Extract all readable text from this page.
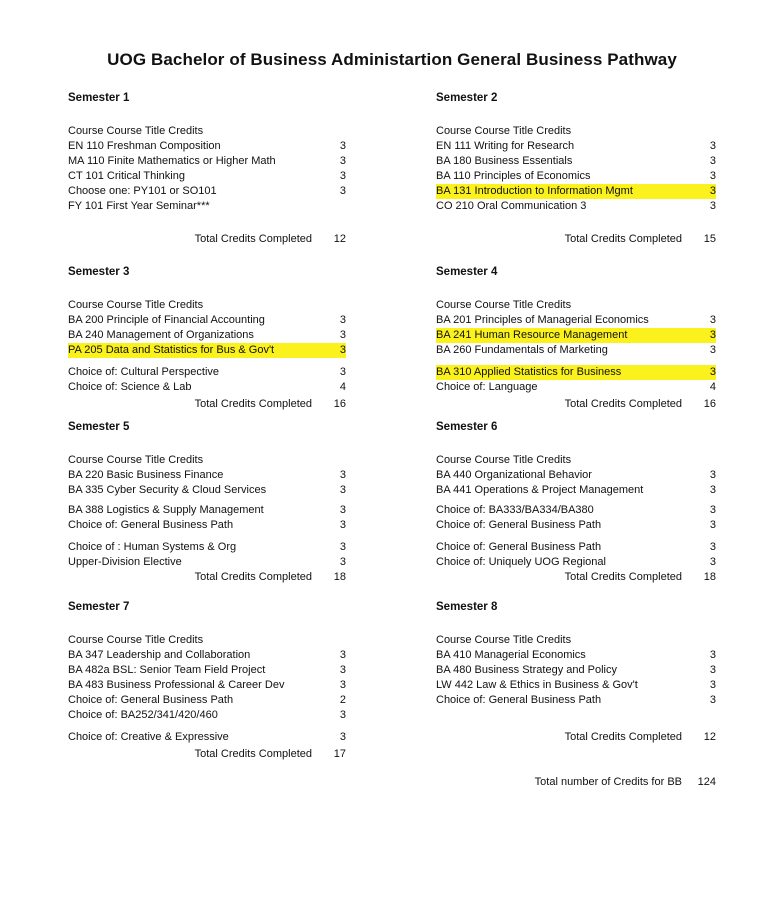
UOG Bachelor of Business Administartion General Business Pathway
Semester 1
Course Course Title Credits
EN 110 Freshman Composition	3
MA 110 Finite Mathematics or Higher Math	3
CT 101 Critical Thinking	3
Choose one: PY101 or SO101	3
FY 101 First Year Seminar***
Total Credits Completed	12
Semester 2
Course Course Title Credits
EN 111 Writing for Research	3
BA 180 Business Essentials	3
BA 110 Principles of Economics	3
BA 131 Introduction to Information Mgmt	3
CO 210 Oral Communication 3	3
Total Credits Completed	15
Semester 3
Course Course Title Credits
BA 200 Principle of Financial Accounting	3
BA 240 Management of Organizations	3
PA 205 Data and Statistics for Bus & Gov't	3
Choice of: Cultural Perspective	3
Choice of: Science & Lab	4
Total Credits Completed	16
Semester 4
Course Course Title Credits
BA 201 Principles of Managerial Economics	3
BA 241 Human Resource Management	3
BA 260 Fundamentals of Marketing	3
BA 310 Applied Statistics for Business	3
Choice of: Language	4
Total Credits Completed	16
Semester 5
Course Course Title Credits
BA 220 Basic Business Finance	3
BA 335 Cyber Security & Cloud Services	3
BA 388 Logistics & Supply Management	3
Choice of: General Business Path	3
Choice of : Human Systems & Org	3
Upper-Division Elective	3
Total Credits Completed	18
Semester 6
Course Course Title Credits
BA 440 Organizational Behavior	3
BA 441 Operations & Project Management	3
Choice of: BA333/BA334/BA380	3
Choice of: General Business Path	3
Choice of: General Business Path	3
Choice of: Uniquely UOG Regional	3
Total Credits Completed	18
Semester 7
Course Course Title Credits
BA 347 Leadership and Collaboration	3
BA 482a BSL: Senior Team Field Project	3
BA 483 Business Professional & Career Dev	3
Choice of: General Business Path	2
Choice of: BA252/341/420/460	3
Choice of: Creative & Expressive	3
Total Credits Completed	17
Semester 8
Course Course Title Credits
BA 410 Managerial Economics	3
BA 480 Business Strategy and Policy	3
LW 442 Law & Ethics in Business & Gov't	3
Choice of: General Business Path	3
Total Credits Completed	12
Total number of Credits for BB	124
